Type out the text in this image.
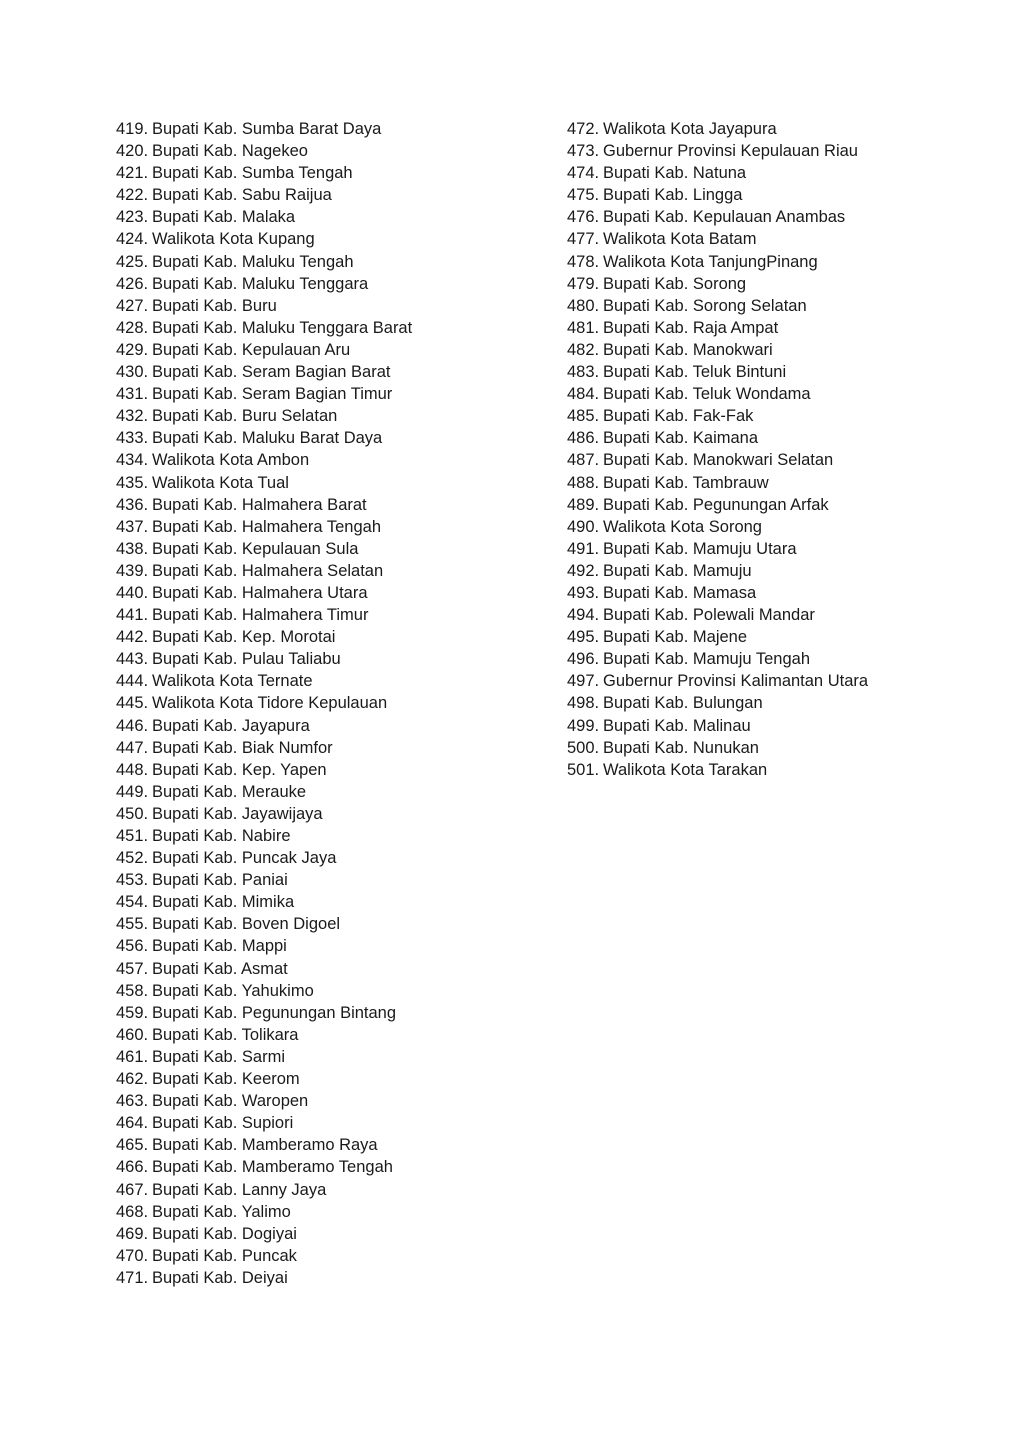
419. Bupati Kab. Sumba Barat Daya
420. Bupati Kab. Nagekeo
421. Bupati Kab. Sumba Tengah
422. Bupati Kab. Sabu Raijua
423. Bupati Kab. Malaka
424. Walikota Kota Kupang
425. Bupati Kab. Maluku Tengah
426. Bupati Kab. Maluku Tenggara
427. Bupati Kab. Buru
428. Bupati Kab. Maluku Tenggara Barat
429. Bupati Kab. Kepulauan Aru
430. Bupati Kab. Seram Bagian Barat
431. Bupati Kab. Seram Bagian Timur
432. Bupati Kab. Buru Selatan
433. Bupati Kab. Maluku Barat Daya
434. Walikota Kota Ambon
435. Walikota Kota Tual
436. Bupati Kab. Halmahera Barat
437. Bupati Kab. Halmahera Tengah
438. Bupati Kab. Kepulauan Sula
439. Bupati Kab. Halmahera Selatan
440. Bupati Kab. Halmahera Utara
441. Bupati Kab. Halmahera Timur
442. Bupati Kab. Kep. Morotai
443. Bupati Kab. Pulau Taliabu
444. Walikota Kota Ternate
445. Walikota Kota Tidore Kepulauan
446. Bupati Kab. Jayapura
447. Bupati Kab. Biak Numfor
448. Bupati Kab. Kep. Yapen
449. Bupati Kab. Merauke
450. Bupati Kab. Jayawijaya
451. Bupati Kab. Nabire
452. Bupati Kab. Puncak Jaya
453. Bupati Kab. Paniai
454. Bupati Kab. Mimika
455. Bupati Kab. Boven Digoel
456. Bupati Kab. Mappi
457. Bupati Kab. Asmat
458. Bupati Kab. Yahukimo
459. Bupati Kab. Pegunungan Bintang
460. Bupati Kab. Tolikara
461. Bupati Kab. Sarmi
462. Bupati Kab. Keerom
463. Bupati Kab. Waropen
464. Bupati Kab. Supiori
465. Bupati Kab. Mamberamo Raya
466. Bupati Kab. Mamberamo Tengah
467. Bupati Kab. Lanny Jaya
468. Bupati Kab. Yalimo
469. Bupati Kab. Dogiyai
470. Bupati Kab. Puncak
471. Bupati Kab. Deiyai
472. Walikota Kota Jayapura
473. Gubernur Provinsi Kepulauan Riau
474. Bupati Kab. Natuna
475. Bupati Kab. Lingga
476. Bupati Kab. Kepulauan Anambas
477. Walikota Kota Batam
478. Walikota Kota TanjungPinang
479. Bupati Kab. Sorong
480. Bupati Kab. Sorong Selatan
481. Bupati Kab. Raja Ampat
482. Bupati Kab. Manokwari
483. Bupati Kab. Teluk Bintuni
484. Bupati Kab. Teluk Wondama
485. Bupati Kab. Fak-Fak
486. Bupati Kab. Kaimana
487. Bupati Kab. Manokwari Selatan
488. Bupati Kab. Tambrauw
489. Bupati Kab. Pegunungan Arfak
490. Walikota Kota Sorong
491. Bupati Kab. Mamuju Utara
492. Bupati Kab. Mamuju
493. Bupati Kab. Mamasa
494. Bupati Kab. Polewali Mandar
495. Bupati Kab. Majene
496. Bupati Kab. Mamuju Tengah
497. Gubernur Provinsi Kalimantan Utara
498. Bupati Kab. Bulungan
499. Bupati Kab. Malinau
500. Bupati Kab. Nunukan
501. Walikota Kota Tarakan
